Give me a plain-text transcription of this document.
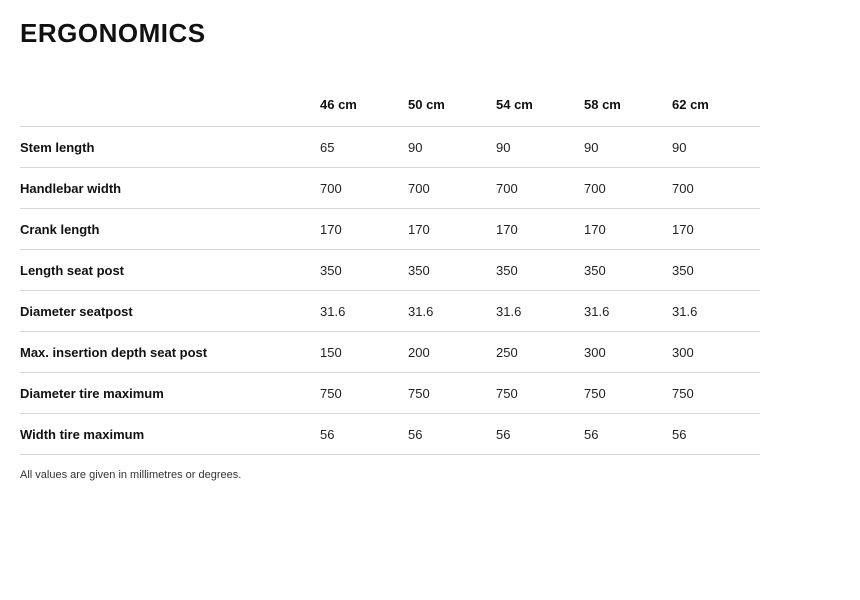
ERGONOMICS
	46 cm	50 cm	54 cm	58 cm	62 cm
Stem length	65	90	90	90	90
Handlebar width	700	700	700	700	700
Crank length	170	170	170	170	170
Length seat post	350	350	350	350	350
Diameter seatpost	31.6	31.6	31.6	31.6	31.6
Max. insertion depth seat post	150	200	250	300	300
Diameter tire maximum	750	750	750	750	750
Width tire maximum	56	56	56	56	56
All values are given in millimetres or degrees.
